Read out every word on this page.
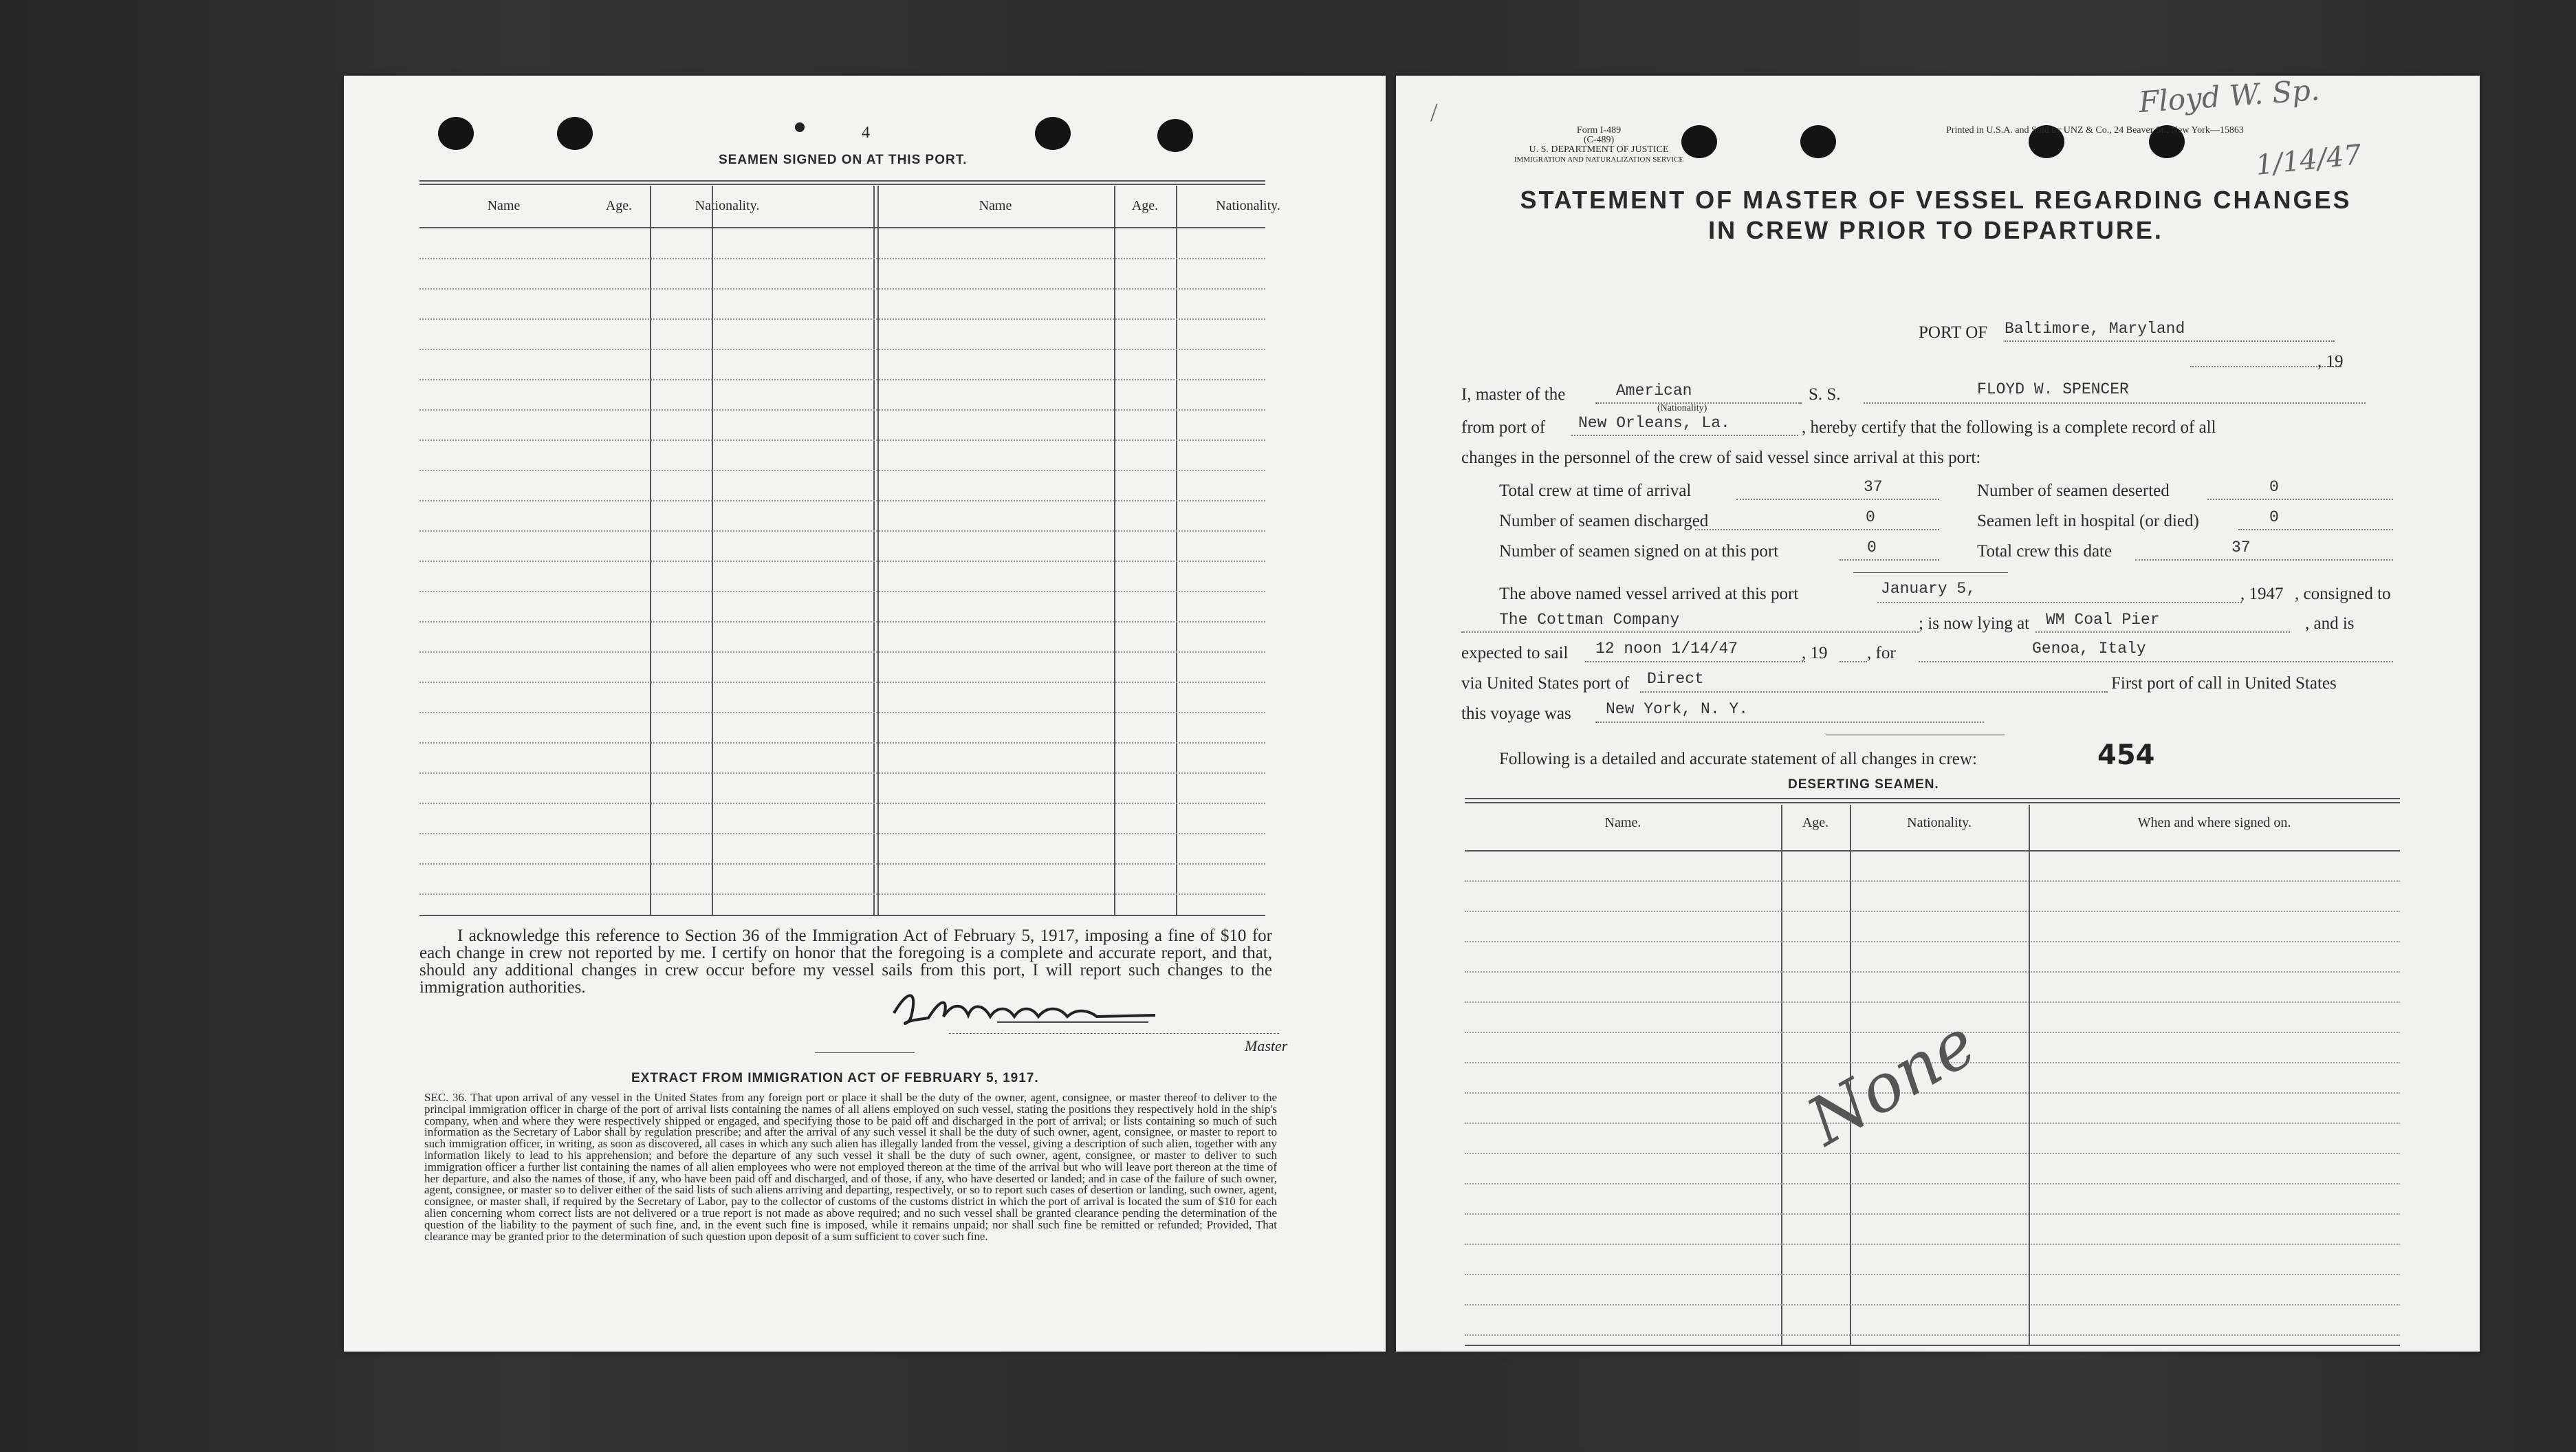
4
SEAMEN SIGNED ON AT THIS PORT.
Name	Age.	Nationality.	Name	Age.	Nationality.
I acknowledge this reference to Section 36 of the Immigration Act of February 5, 1917, imposing a fine of $10 for each change in crew not reported by me. I certify on honor that the foregoing is a complete and accurate report, and that, should any additional changes in crew occur before my vessel sails from this port, I will report such changes to the immigration authorities.
Master
EXTRACT FROM IMMIGRATION ACT OF FEBRUARY 5, 1917.
SEC. 36. That upon arrival of any vessel in the United States from any foreign port or place it shall be the duty of the owner, agent, consignee, or master thereof to deliver to the principal immigration officer in charge of the port of arrival lists containing the names of all aliens employed on such vessel, stating the positions they respectively hold in the ship's company, when and where they were respectively shipped or engaged, and specifying those to be paid off and discharged in the port of arrival; or lists containing so much of such information as the Secretary of Labor shall by regulation prescribe; and after the arrival of any such vessel it shall be the duty of such owner, agent, consignee, or master to report to such immigration officer, in writing, as soon as discovered, all cases in which any such alien has illegally landed from the vessel, giving a description of such alien, together with any information likely to lead to his apprehension; and before the departure of any such vessel it shall be the duty of such owner, agent, consignee, or master to deliver to such immigration officer a further list containing the names of all alien employees who were not employed thereon at the time of the arrival but who will leave port thereon at the time of her departure, and also the names of those, if any, who have been paid off and discharged, and of those, if any, who have deserted or landed; and in case of the failure of such owner, agent, consignee, or master so to deliver either of the said lists of such aliens arriving and departing, respectively, or so to report such cases of desertion or landing, such owner, agent, consignee, or master shall, if required by the Secretary of Labor, pay to the collector of customs of the customs district in which the port of arrival is located the sum of $10 for each alien concerning whom correct lists are not delivered or a true report is not made as above required; and no such vessel shall be granted clearance pending the determination of the question of the liability to the payment of such fine, and, in the event such fine is imposed, while it remains unpaid; nor shall such fine be remitted or refunded; Provided, That clearance may be granted prior to the determination of such question upon deposit of a sum sufficient to cover such fine.
Form I-489
(C-489)
U. S. DEPARTMENT OF JUSTICE
IMMIGRATION AND NATURALIZATION SERVICE
Printed in U.S.A. and Sold by UNZ & Co., 24 Beaver St., New York—15863
Floyd W. Sp.
1/14/47
/
STATEMENT OF MASTER OF VESSEL REGARDING CHANGES
IN CREW PRIOR TO DEPARTURE.
PORT OF Baltimore, Maryland
, 19
I, master of the	American
(Nationality)
S. S.	FLOYD W. SPENCER
from port of New Orleans, La.	, hereby certify that the following is a complete record of all
changes in the personnel of the crew of said vessel since arrival at this port:
Total crew at time of arrival	37	Number of seamen deserted	0
Number of seamen discharged	0	Seamen left in hospital (or died)	0
Number of seamen signed on at this port	0	Total crew this date	37
The above named vessel arrived at this port	January 5,	, 1947 , consigned to
The Cottman Company	; is now lying at WM Coal Pier	, and is
expected to sail 12 noon 1/14/47	, 19 , for	Genoa, Italy
via United States port of Direct	First port of call in United States
this voyage was New York, N. Y.
Following is a detailed and accurate statement of all changes in crew:	454
DESERTING SEAMEN.
Name.	Age.	Nationality.	When and where signed on.
None
16—17587
